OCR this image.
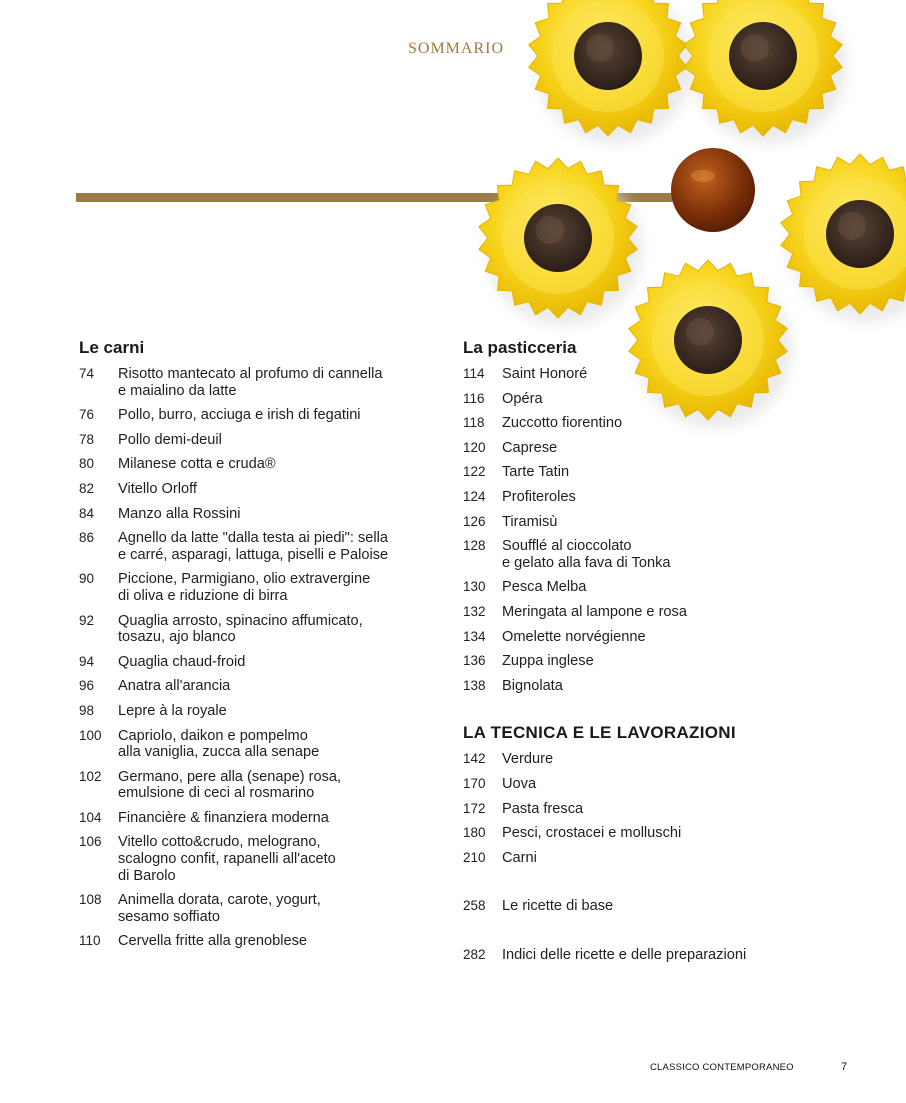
SOMMARIO
Le carni
74	Risotto mantecato al profumo di cannella
e maialino da latte
76	Pollo, burro, acciuga e irish di fegatini
78	Pollo demi-deuil
80	Milanese cotta e cruda®
82	Vitello Orloff
84	Manzo alla Rossini
86	Agnello da latte "dalla testa ai piedi": sella
e carré, asparagi, lattuga, piselli e Paloise
90	Piccione, Parmigiano, olio extravergine
di oliva e riduzione di birra
92	Quaglia arrosto, spinacino affumicato,
tosazu, ajo blanco
94	Quaglia chaud-froid
96	Anatra all'arancia
98	Lepre à la royale
100	Capriolo, daikon e pompelmo
alla vaniglia, zucca alla senape
102	Germano, pere alla (senape) rosa,
emulsione di ceci al rosmarino
104	Financière & finanziera moderna
106	Vitello cotto&crudo, melograno,
scalogno confit, rapanelli all'aceto
di Barolo
108	Animella dorata, carote, yogurt,
sesamo soffiato
110	Cervella fritte alla grenoblese
La pasticceria
114	Saint Honoré
116	Opéra
118	Zuccotto fiorentino
120	Caprese
122	Tarte Tatin
124	Profiteroles
126	Tiramisù
128	Soufflé al cioccolato
e gelato alla fava di Tonka
130	Pesca Melba
132	Meringata al lampone e rosa
134	Omelette norvégienne
136	Zuppa inglese
138	Bignolata
LA TECNICA E LE LAVORAZIONI
142	Verdure
170	Uova
172	Pasta fresca
180	Pesci, crostacei e molluschi
210	Carni
258	Le ricette di base
282	Indici delle ricette e delle preparazioni
CLASSICO CONTEMPORANEO	7
